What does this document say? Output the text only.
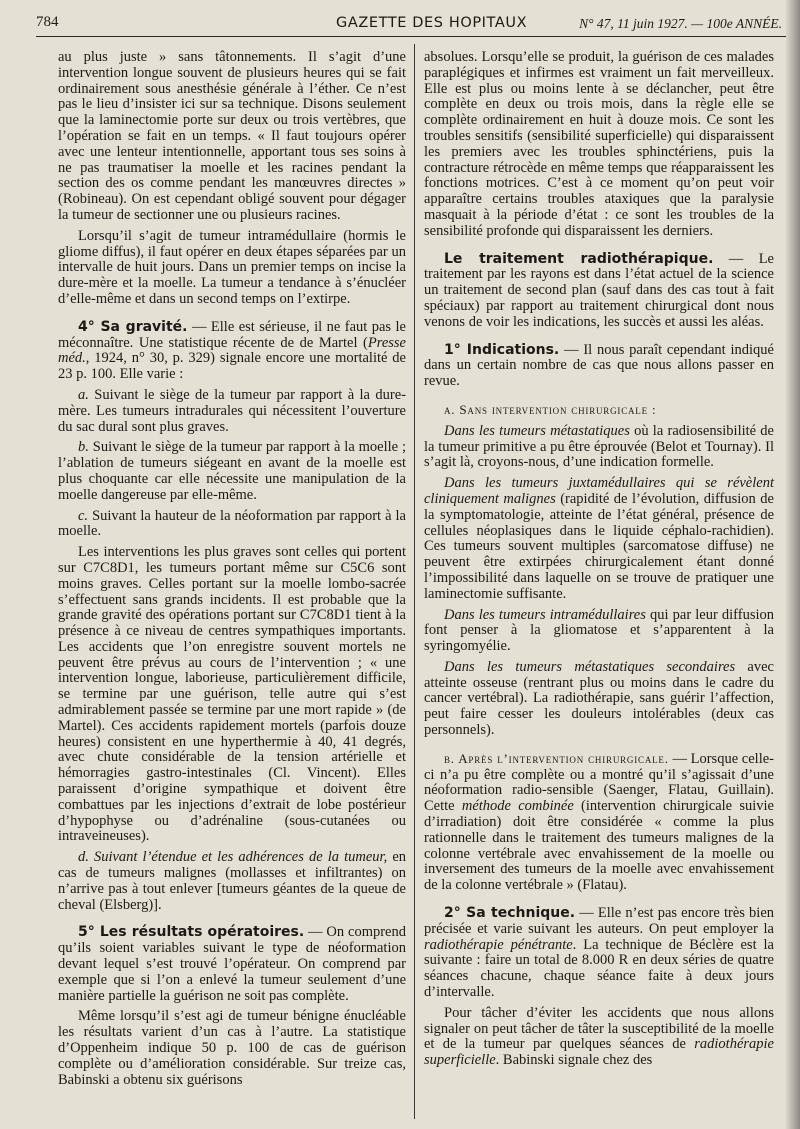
784	GAZETTE DES HOPITAUX	N° 47, 11 juin 1927. — 100e ANNÉE.

au plus juste » sans tâtonnements. Il s’agit d’une intervention longue souvent de plusieurs heures qui se fait ordinairement sous anesthésie générale à l’éther. Ce n’est pas le lieu d’insister ici sur sa technique. Disons seulement que la laminectomie porte sur deux ou trois vertèbres, que l’opération se fait en un temps. « Il faut toujours opérer avec une lenteur intentionnelle, apportant tous ses soins à ne pas traumatiser la moelle et les racines pendant la section des os comme pendant les manœuvres directes » (Robineau). On est cependant obligé souvent pour dégager la tumeur de sectionner une ou plusieurs racines.

Lorsqu’il s’agit de tumeur intramédullaire (hormis le gliome diffus), il faut opérer en deux étapes séparées par un intervalle de huit jours. Dans un premier temps on incise la dure-mère et la moelle. La tumeur a tendance à s’énucléer d’elle-même et dans un second temps on l’extirpe.

4° Sa gravité. — Elle est sérieuse, il ne faut pas le méconnaître. Une statistique récente de de Martel (Presse méd., 1924, n° 30, p. 329) signale encore une mortalité de 23 p. 100. Elle varie :

a. Suivant le siège de la tumeur par rapport à la dure-mère. Les tumeurs intradurales qui nécessitent l’ouverture du sac dural sont plus graves.

b. Suivant le siège de la tumeur par rapport à la moelle ; l’ablation de tumeurs siégeant en avant de la moelle est plus choquante car elle nécessite une manipulation de la moelle dangereuse par elle-même.

c. Suivant la hauteur de la néoformation par rapport à la moelle.

Les interventions les plus graves sont celles qui portent sur C7C8D1, les tumeurs portant même sur C5C6 sont moins graves. Celles portant sur la moelle lombo-sacrée s’effectuent sans grands incidents. Il est probable que la grande gravité des opérations portant sur C7C8D1 tient à la présence à ce niveau de centres sympathiques importants. Les accidents que l’on enregistre souvent mortels ne peuvent être prévus au cours de l’intervention ; « une intervention longue, laborieuse, particulièrement difficile, se termine par une guérison, telle autre qui s’est admirablement passée se termine par une mort rapide » (de Martel). Ces accidents rapidement mortels (parfois douze heures) consistent en une hyperthermie à 40, 41 degrés, avec chute considérable de la tension artérielle et hémorragies gastro-intestinales (Cl. Vincent). Elles paraissent d’origine sympathique et doivent être combattues par les injections d’extrait de lobe postérieur d’hypophyse ou d’adrénaline (sous-cutanées ou intraveineuses).

d. Suivant l’étendue et les adhérences de la tumeur, en cas de tumeurs malignes (mollasses et infiltrantes) on n’arrive pas à tout enlever [tumeurs géantes de la queue de cheval (Elsberg)].

5° Les résultats opératoires. — On comprend qu’ils soient variables suivant le type de néoformation devant lequel s’est trouvé l’opérateur. On comprend par exemple que si l’on a enlevé la tumeur seulement d’une manière partielle la guérison ne soit pas complète.

Même lorsqu’il s’est agi de tumeur bénigne énucléable les résultats varient d’un cas à l’autre. La statistique d’Oppenheim indique 50 p. 100 de cas de guérison complète ou d’amélioration considérable. Sur treize cas, Babinski a obtenu six guérisons

absolues. Lorsqu’elle se produit, la guérison de ces malades paraplégiques et infirmes est vraiment un fait merveilleux. Elle est plus ou moins lente à se déclancher, peut être complète en deux ou trois mois, dans la règle elle se complète ordinairement en huit à douze mois. Ce sont les troubles sensitifs (sensibilité superficielle) qui disparaissent les premiers avec les troubles sphinctériens, puis la contracture rétrocède en même temps que réapparaissent les fonctions motrices. C’est à ce moment qu’on peut voir apparaître certains troubles ataxiques que la paralysie masquait à la période d’état : ce sont les troubles de la sensibilité profonde qui disparaissent les derniers.

Le traitement radiothérapique. — Le traitement par les rayons est dans l’état actuel de la science un traitement de second plan (sauf dans des cas tout à fait spéciaux) par rapport au traitement chirurgical dont nous venons de voir les indications, les succès et aussi les aléas.

1° Indications. — Il nous paraît cependant indiqué dans un certain nombre de cas que nous allons passer en revue.

a. Sans intervention chirurgicale :

Dans les tumeurs métastatiques où la radiosensibilité de la tumeur primitive a pu être éprouvée (Belot et Tournay). Il s’agit là, croyons-nous, d’une indication formelle.

Dans les tumeurs juxtamédullaires qui se révèlent cliniquement malignes (rapidité de l’évolution, diffusion de la symptomatologie, atteinte de l’état général, présence de cellules néoplasiques dans le liquide céphalo-rachidien). Ces tumeurs souvent multiples (sarcomatose diffuse) ne peuvent être extirpées chirurgicalement étant donné l’impossibilité dans laquelle on se trouve de pratiquer une laminectomie suffisante.

Dans les tumeurs intramédullaires qui par leur diffusion font penser à la gliomatose et s’apparentent à la syringomyélie.

Dans les tumeurs métastatiques secondaires avec atteinte osseuse (rentrant plus ou moins dans le cadre du cancer vertébral). La radiothérapie, sans guérir l’affection, peut faire cesser les douleurs intolérables (deux cas personnels).

b. Après l’intervention chirurgicale. — Lorsque celle-ci n’a pu être complète ou a montré qu’il s’agissait d’une néoformation radio-sensible (Saenger, Flatau, Guillain). Cette méthode combinée (intervention chirurgicale suivie d’irradiation) doit être considérée « comme la plus rationnelle dans le traitement des tumeurs malignes de la colonne vertébrale avec envahissement de la moelle ou inversement des tumeurs de la moelle avec envahissement de la colonne vertébrale » (Flatau).

2° Sa technique. — Elle n’est pas encore très bien précisée et varie suivant les auteurs. On peut employer la radiothérapie pénétrante. La technique de Béclère est la suivante : faire un total de 8.000 R en deux séries de quatre séances chacune, chaque séance faite à deux jours d’intervalle.

Pour tâcher d’éviter les accidents que nous allons signaler on peut tâcher de tâter la susceptibilité de la moelle et de la tumeur par quelques séances de radiothérapie superficielle. Babinski signale chez des
